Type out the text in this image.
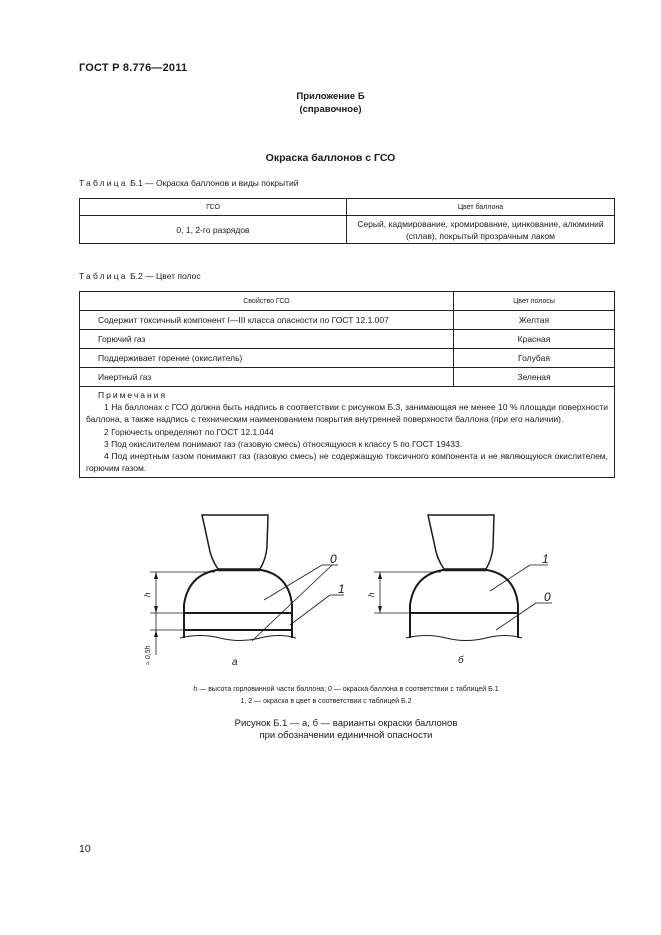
ГОСТ Р 8.776—2011
Приложение Б
(справочное)
Окраска баллонов с ГСО
Таблица Б.1 — Окраска баллонов и виды покрытий
ГСО	Цвет баллона
0, 1, 2-го разрядов	Серый, кадмирование, хромирование, цинкование, алюминий (сплав), покрытый прозрачным лаком
Таблица Б.2 — Цвет полос
Свойство ГСО	Цвет полосы
Содержит токсичный компонент I—III класса опасности по ГОСТ 12.1.007	Желтая
Горючий газ	Красная
Поддерживает горение (окислитель)	Голубая
Инертный газ	Зеленая

Примечания

1 На баллонах с ГСО должна быть надпись в соответствии с рисунком Б.3, занимающая не менее 10 % площади поверхности баллона, а также надпись с техническим наименованием покрытия внутренней поверхности баллона (при его наличии).

2 Горючесть определяют по ГОСТ 12.1.044

3 Под окислителем понимают газ (газовую смесь) относящуюся к классу 5 по ГОСТ 19433.

4 Под инертным газом понимают газ (газовую смесь) не содержащую токсичного компонента и не являющуюся окислителем, горючим газом.	

0
1
1
0
h
≈ 0,5h
h
а	б
h — высота горловинной части баллона; 0 — окраска баллона в соответствии с таблицей Б.1
1, 2 — окраска в цвет в соответствии с таблицей Б.2
Рисунок Б.1 — а, б — варианты окраски баллонов
при обозначении единичной опасности
10
